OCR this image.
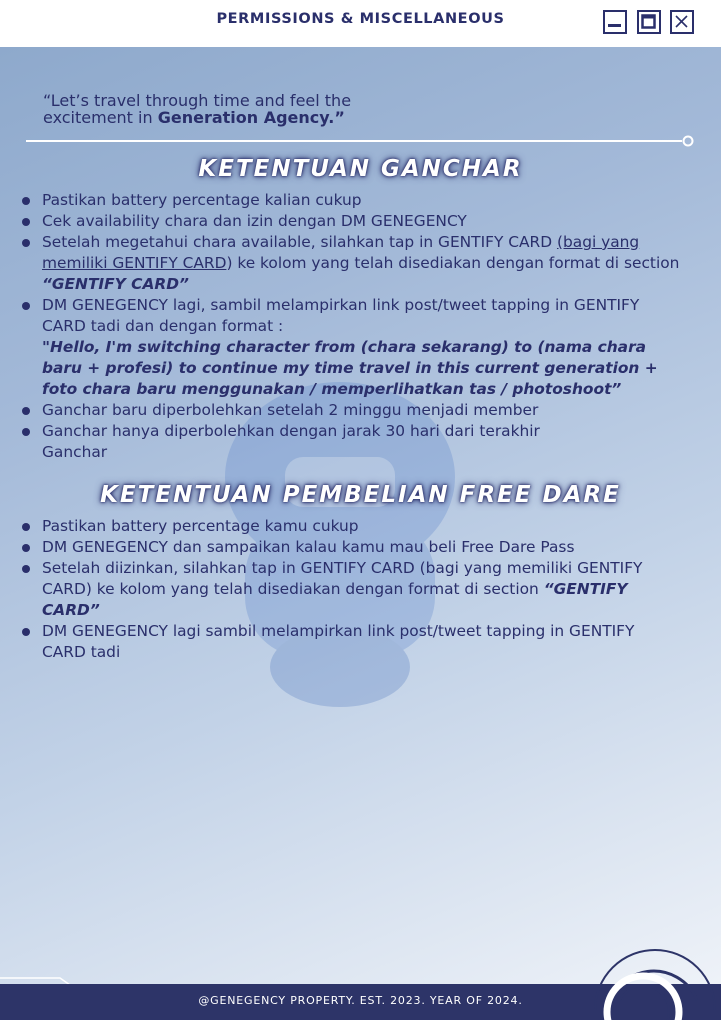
PERMISSIONS & MISCELLANEOUS
“Let’s travel through time and feel the
excitement in Generation Agency.”
KETENTUAN GANCHAR
Pastikan battery percentage kalian cukup
Cek availability chara dan izin dengan DM GENEGENCY
Setelah megetahui chara available, silahkan tap in GENTIFY CARD (bagi yang memiliki GENTIFY CARD) ke kolom yang telah disediakan dengan format di section “GENTIFY CARD”
DM GENEGENCY lagi, sambil melampirkan link post/tweet tapping in GENTIFY CARD tadi dan dengan format :
"Hello, I'm switching character from (chara sekarang) to (nama chara baru + profesi) to continue my time travel in this current generation + foto chara baru menggunakan / memperlihatkan tas / photoshoot”
Ganchar baru diperbolehkan setelah 2 minggu menjadi member
Ganchar hanya diperbolehkan dengan jarak 30 hari dari terakhir Ganchar
KETENTUAN PEMBELIAN FREE DARE
Pastikan battery percentage kamu cukup
DM GENEGENCY dan sampaikan kalau kamu mau beli Free Dare Pass
Setelah diizinkan, silahkan tap in GENTIFY CARD (bagi yang memiliki GENTIFY CARD) ke kolom yang telah disediakan dengan format di section “GENTIFY CARD”
DM GENEGENCY lagi sambil melampirkan link post/tweet tapping in GENTIFY CARD tadi
@GENEGENCY PROPERTY. EST. 2023. YEAR OF 2024.
